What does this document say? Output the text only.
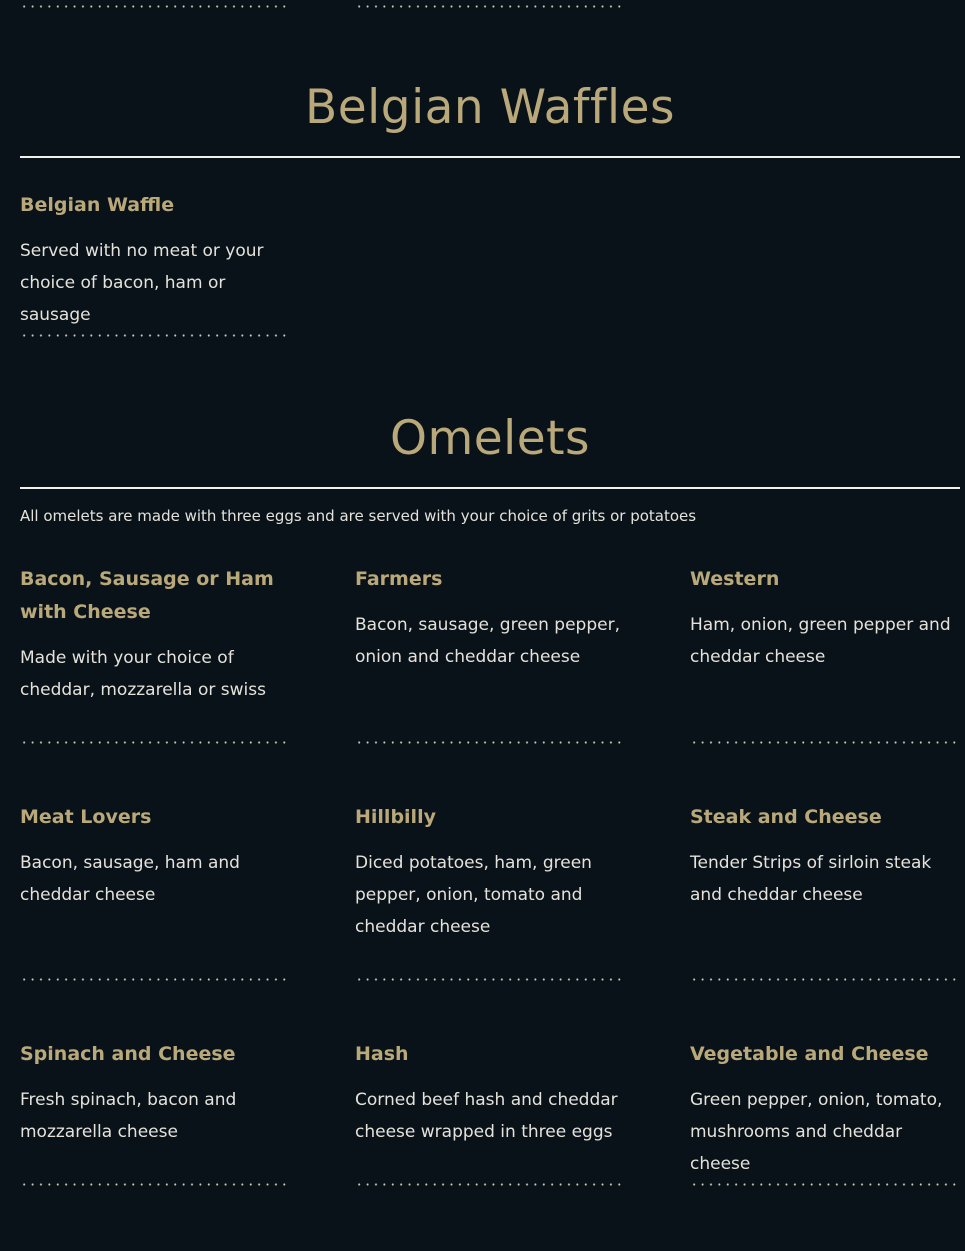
Belgian Waffles
Belgian Waffle

Served with no meat or your choice of bacon, ham or sausage

Omelets

All omelets are made with three eggs and are served with your choice of grits or potatoes

Bacon, Sausage or Ham with Cheese

Made with your choice of cheddar, mozzarella or swiss

Farmers

Bacon, sausage, green pepper, onion and cheddar cheese

Western

Ham, onion, green pepper and cheddar cheese

Meat Lovers

Bacon, sausage, ham and cheddar cheese

Hillbilly

Diced potatoes, ham, green pepper, onion, tomato and cheddar cheese

Steak and Cheese

Tender Strips of sirloin steak and cheddar cheese

Spinach and Cheese

Fresh spinach, bacon and mozzarella cheese

Hash

Corned beef hash and cheddar cheese wrapped in three eggs

Vegetable and Cheese

Green pepper, onion, tomato, mushrooms and cheddar cheese
